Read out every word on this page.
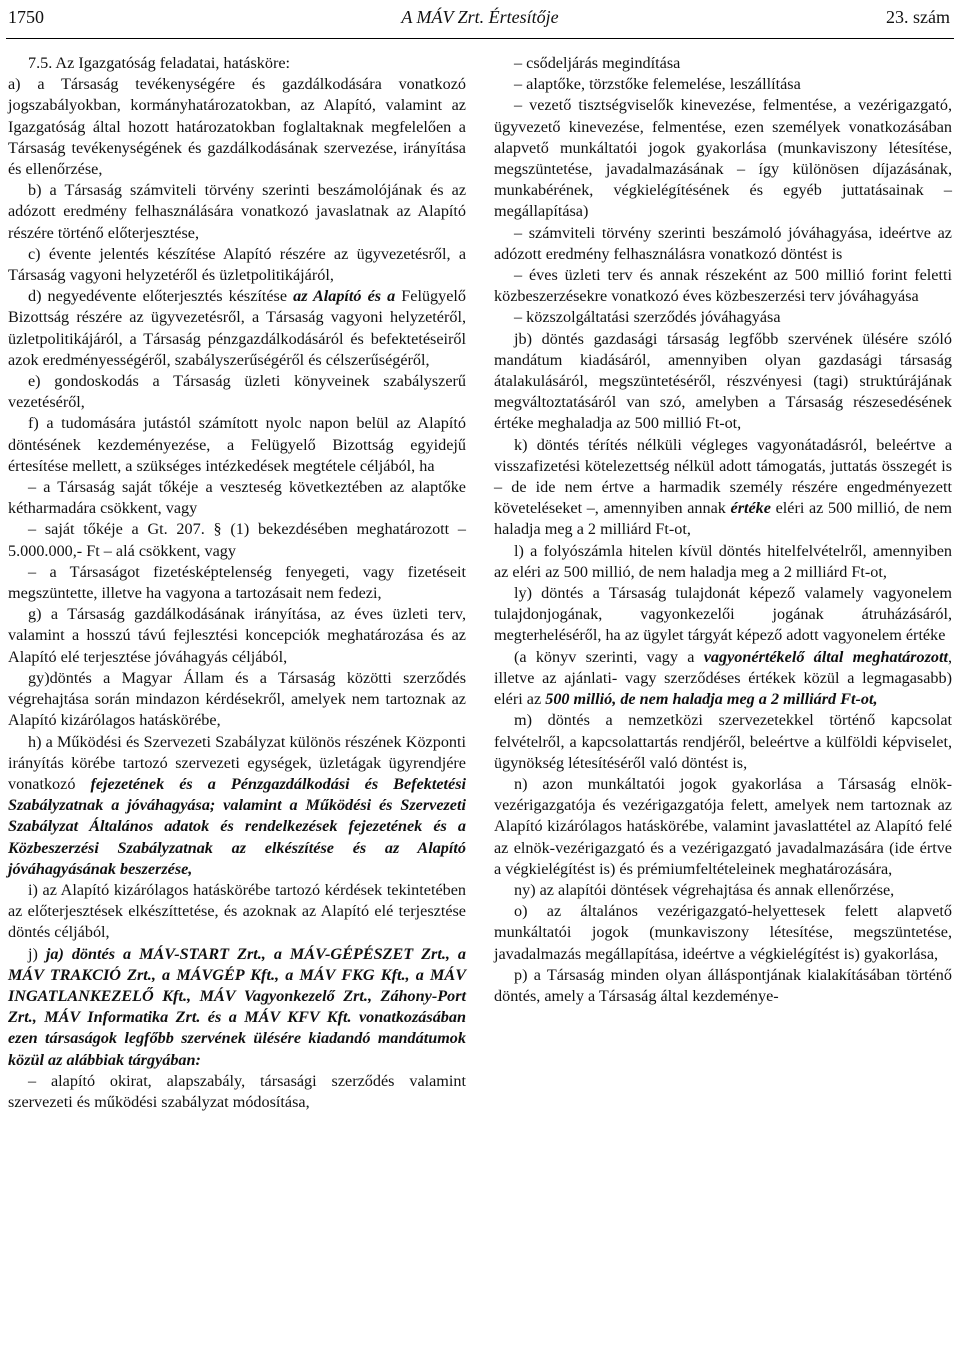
1750	A MÁV Zrt. Értesítője	23. szám

7.5. Az Igazgatóság feladatai, hatásköre:

a) a Társaság tevékenységére és gazdálkodására vonatkozó jogszabályokban, kormányhatározatokban, az Alapító, valamint az Igazgatóság által hozott határozatokban foglaltaknak megfelelően a Társaság tevékenységének és gazdálkodásának szervezése, irányítása és ellenőrzése,

b) a Társaság számviteli törvény szerinti beszámolójának és az adózott eredmény felhasználására vonatkozó javaslatnak az Alapító részére történő előterjesztése,

c) évente jelentés készítése Alapító részére az ügyvezetésről, a Társaság vagyoni helyzetéről és üzletpolitikájáról,

d) negyedévente előterjesztés készítése az Alapító és a Felügyelő Bizottság részére az ügyvezetésről, a Társaság vagyoni helyzetéről, üzletpolitikájáról, a Társaság pénzgazdálkodásáról és befektetéseiről azok eredményességéről, szabályszerűségéről és célszerűségéről,

e) gondoskodás a Társaság üzleti könyveinek szabályszerű vezetéséről,

f) a tudomására jutástól számított nyolc napon belül az Alapító döntésének kezdeményezése, a Felügyelő Bizottság egyidejű értesítése mellett, a szükséges intézkedések megtétele céljából, ha

– a Társaság saját tőkéje a veszteség következtében az alaptőke kétharmadára csökkent, vagy

– saját tőkéje a Gt. 207. § (1) bekezdésében meghatározott – 5.000.000,- Ft – alá csökkent, vagy

– a Társaságot fizetésképtelenség fenyegeti, vagy fizetéseit megszüntette, illetve ha vagyona a tartozásait nem fedezi,

g) a Társaság gazdálkodásának irányítása, az éves üzleti terv, valamint a hosszú távú fejlesztési koncepciók meghatározása és az Alapító elé terjesztése jóváhagyás céljából,

gy)döntés a Magyar Állam és a Társaság közötti szerződés végrehajtása során mindazon kérdésekről, amelyek nem tartoznak az Alapító kizárólagos hatáskörébe,

h) a Működési és Szervezeti Szabályzat különös részének Központi irányítás körébe tartozó szervezeti egységek, üzletágak ügyrendjére vonatkozó fejezetének és a Pénzgazdálkodási és Befektetési Szabályzatnak a jóváhagyása; valamint a Működési és Szervezeti Szabályzat Általános adatok és rendelkezések fejezetének és a Közbeszerzési Szabályzatnak az elkészítése és az Alapító jóváhagyásának beszerzése,

i) az Alapító kizárólagos hatáskörébe tartozó kérdések tekintetében az előterjesztések elkészíttetése, és azoknak az Alapító elé terjesztése döntés céljából,

j) ja) döntés a MÁV-START Zrt., a MÁV-GÉPÉSZET Zrt., a MÁV TRAKCIÓ Zrt., a MÁVGÉP Kft., a MÁV FKG Kft., a MÁV INGATLANKEZELŐ Kft., MÁV Vagyonkezelő Zrt., Záhony-Port Zrt., MÁV Informatika Zrt. és a MÁV KFV Kft. vonatkozásában ezen társaságok legfőbb szervének ülésére kiadandó mandátumok közül az alábbiak tárgyában:

– alapító okirat, alapszabály, társasági szerződés valamint szervezeti és működési szabályzat módosítása,

– csődeljárás megindítása

– alaptőke, törzstőke felemelése, leszállítása

– vezető tisztségviselők kinevezése, felmentése, a vezérigazgató, ügyvezető kinevezése, felmentése, ezen személyek vonatkozásában alapvető munkáltatói jogok gyakorlása (munkaviszony létesítése, megszüntetése, javadalmazásának – így különösen díjazásának, munkabérének, végkielégítésének és egyéb juttatásainak – megállapítása)

– számviteli törvény szerinti beszámoló jóváhagyása, ideértve az adózott eredmény felhasználásra vonatkozó döntést is

– éves üzleti terv és annak részeként az 500 millió forint feletti közbeszerzésekre vonatkozó éves közbeszerzési terv jóváhagyása

– közszolgáltatási szerződés jóváhagyása

jb) döntés gazdasági társaság legfőbb szervének ülésére szóló mandátum kiadásáról, amennyiben olyan gazdasági társaság átalakulásáról, megszüntetéséről, részvényesi (tagi) struktúrájának megváltoztatásáról van szó, amelyben a Társaság részesedésének értéke meghaladja az 500 millió Ft-ot,

k) döntés térítés nélküli végleges vagyonátadásról, beleértve a visszafizetési kötelezettség nélkül adott támogatás, juttatás összegét is – de ide nem értve a harmadik személy részére engedményezett követeléseket –, amennyiben annak értéke eléri az 500 millió, de nem haladja meg a 2 milliárd Ft-ot,

l) a folyószámla hitelen kívül döntés hitelfelvételről, amennyiben az eléri az 500 millió, de nem haladja meg a 2 milliárd Ft-ot,

ly) döntés a Társaság tulajdonát képező valamely vagyonelem tulajdonjogának, vagyonkezelői jogának átruházásáról, megterheléséről, ha az ügylet tárgyát képező adott vagyonelem értéke

(a könyv szerinti, vagy a vagyonértékelő által meghatározott, illetve az ajánlati- vagy szerződéses értékek közül a legmagasabb) eléri az 500 millió, de nem haladja meg a 2 milliárd Ft-ot,

m) döntés a nemzetközi szervezetekkel történő kapcsolat felvételről, a kapcsolattartás rendjéről, beleértve a külföldi képviselet, ügynökség létesítéséről való döntést is,

n) azon munkáltatói jogok gyakorlása a Társaság elnök-vezérigazgatója és vezérigazgatója felett, amelyek nem tartoznak az Alapító kizárólagos hatáskörébe, valamint javaslattétel az Alapító felé az elnök-vezérigazgató és a vezérigazgató javadalmazására (ide értve a végkielégítést is) és prémiumfeltételeinek meghatározására,

ny) az alapítói döntések végrehajtása és annak ellenőrzése,

o) az általános vezérigazgató-helyettesek felett alapvető munkáltatói jogok (munkaviszony létesítése, megszüntetése, javadalmazás megállapítása, ideértve a végkielégítést is) gyakorlása,

p) a Társaság minden olyan álláspontjának kialakításában történő döntés, amely a Társaság által kezdeménye-
